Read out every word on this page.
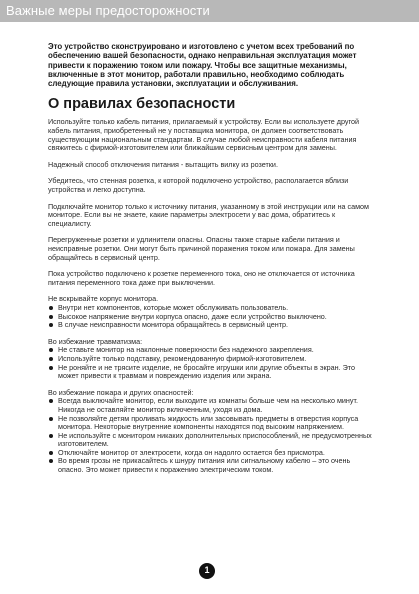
Важные меры предосторожности

Это устройство сконструировано и изготовлено с учетом всех требований по обеспечению вашей безопасности, однако неправильная эксплуатация может привести к поражению током или пожару. Чтобы все защитные механизмы, включенные в этот монитор, работали правильно, необходимо соблюдать следующие правила установки, эксплуатации и обслуживания.

О правилах безопасности

Используйте только кабель питания, прилагаемый к устройству. Если вы используете другой кабель питания, приобретенный не у поставщика монитора, он должен соответствовать существующим национальным стандартам. В случае любой неисправности кабеля питания свяжитесь с фирмой-изготовителем или ближайшим сервисным центром для замены.

Надежный способ отключения питания - вытащить вилку из розетки.

Убедитесь, что стенная розетка, к которой подключено устройство, располагается вблизи устройства и легко доступна.

Подключайте монитор только к источнику питания, указанному в этой инструкции или на самом мониторе. Если вы не знаете, какие параметры электросети у вас дома, обратитесь к специалисту.

Перегруженные розетки и удлинители опасны. Опасны также старые кабели питания и неисправные розетки. Они могут быть причиной поражения током или пожара. Для замены обращайтесь в сервисный центр.

Пока устройство подключено к розетке переменного тока, оно не отключается от источника питания переменного тока даже при выключении.

Не вскрывайте корпус монитора.

Внутри нет компонентов, которые может обслуживать пользователь.
Высокое напряжение внутри корпуса опасно, даже если устройство выключено.
В случае неисправности монитора обращайтесь в сервисный центр.

Во избежание травматизма:

Не ставьте монитор на наклонные поверхности без надежного закрепления.
Используйте только подставку, рекомендованную фирмой-изготовителем.
Не роняйте и не трясите изделие, не бросайте игрушки или другие объекты в экран. Это может привести к травмам и повреждению изделия или экрана.

Во избежание пожара и других опасностей:

Всегда выключайте монитор, если выходите из комнаты больше чем на несколько минут. Никогда не оставляйте монитор включенным, уходя из дома.
Не позволяйте детям проливать жидкость или засовывать предметы в отверстия корпуса монитора. Некоторые внутренние компоненты находятся под высоким напряжением.
Не используйте с монитором никаких дополнительных приспособлений, не предусмотренных изготовителем.
Отключайте монитор от электросети, когда он надолго остается без присмотра.
Во время грозы не прикасайтесь к шнуру питания или сигнальному кабелю – это очень опасно. Это может привести к поражению электрическим током.
1
